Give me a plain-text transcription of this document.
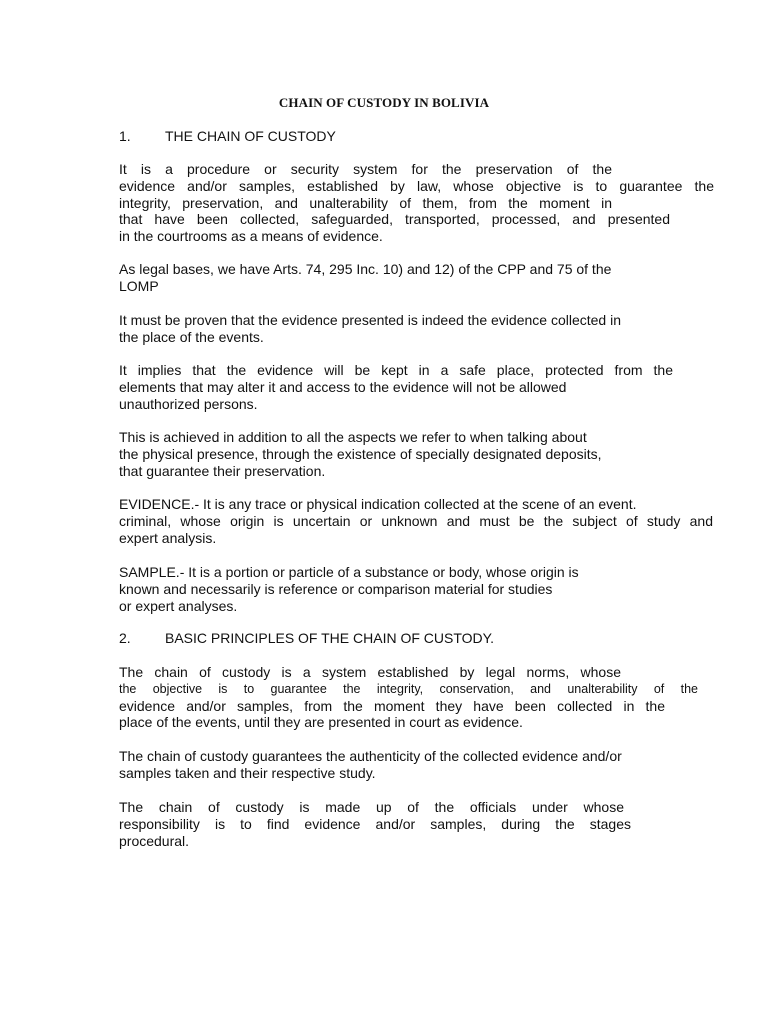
CHAIN OF CUSTODY IN BOLIVIA
1. THE CHAIN OF CUSTODY
It is a procedure or security system for the preservation of the
evidence and/or samples, established by law, whose objective is to guarantee the
integrity, preservation, and unalterability of them, from the moment in
that have been collected, safeguarded, transported, processed, and presented
in the courtrooms as a means of evidence.
As legal bases, we have Arts. 74, 295 Inc. 10) and 12) of the CPP and 75 of the
LOMP
It must be proven that the evidence presented is indeed the evidence collected in
the place of the events.
It implies that the evidence will be kept in a safe place, protected from the
elements that may alter it and access to the evidence will not be allowed
unauthorized persons.
This is achieved in addition to all the aspects we refer to when talking about
the physical presence, through the existence of specially designated deposits,
that guarantee their preservation.
EVIDENCE.- It is any trace or physical indication collected at the scene of an event.
criminal, whose origin is uncertain or unknown and must be the subject of study and
expert analysis.
SAMPLE.- It is a portion or particle of a substance or body, whose origin is
known and necessarily is reference or comparison material for studies
or expert analyses.
2. BASIC PRINCIPLES OF THE CHAIN OF CUSTODY.
The chain of custody is a system established by legal norms, whose
the objective is to guarantee the integrity, conservation, and unalterability of the
evidence and/or samples, from the moment they have been collected in the
place of the events, until they are presented in court as evidence.
The chain of custody guarantees the authenticity of the collected evidence and/or
samples taken and their respective study.
The chain of custody is made up of the officials under whose
responsibility is to find evidence and/or samples, during the stages
procedural.
